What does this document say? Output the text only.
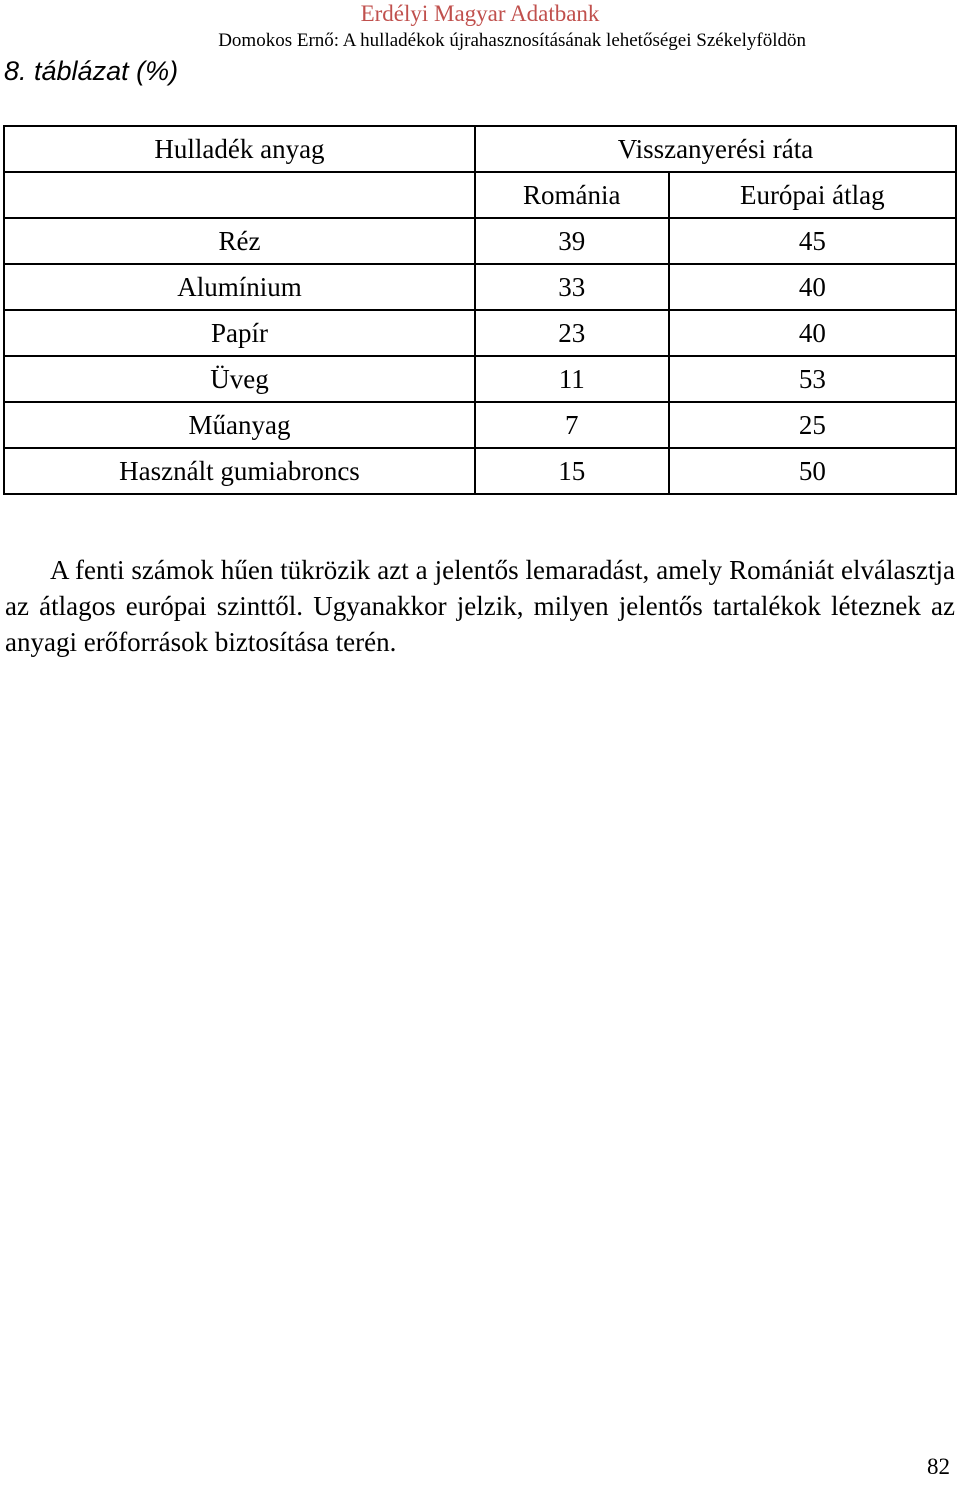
Erdélyi Magyar Adatbank
Domokos Ernő: A hulladékok újrahasznosításának lehetőségei Székelyföldön
8. táblázat (%)
Hulladék anyag	Visszanyerési ráta	
	Románia	Európai átlag
Réz	39	45
Alumínium	33	40
Papír	23	40
Üveg	11	53
Műanyag	7	25
Használt gumiabroncs	15	50
A fenti számok hűen tükrözik azt a jelentős lemaradást, amely Romániát elválasztja az átlagos európai szinttől. Ugyanakkor jelzik, milyen jelentős tartalékok léteznek az anyagi erőforrások biztosítása terén.
82
